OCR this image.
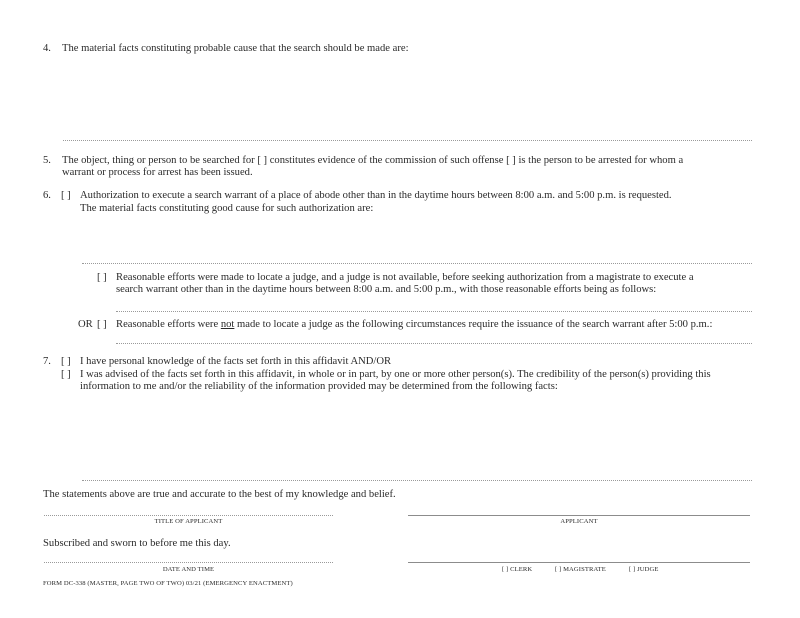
4. The material facts constituting probable cause that the search should be made are:
5. The object, thing or person to be searched for [ ] constitutes evidence of the commission of such offense [ ] is the person to be arrested for whom a
warrant or process for arrest has been issued.
6. [ ] Authorization to execute a search warrant of a place of abode other than in the daytime hours between 8:00 a.m. and 5:00 p.m. is requested.
The material facts constituting good cause for such authorization are:
[ ] Reasonable efforts were made to locate a judge, and a judge is not available, before seeking authorization from a magistrate to execute a
search warrant other than in the daytime hours between 8:00 a.m. and 5:00 p.m., with those reasonable efforts being as follows:
OR [ ] Reasonable efforts were not made to locate a judge as the following circumstances require the issuance of the search warrant after 5:00 p.m.:
7. [ ] I have personal knowledge of the facts set forth in this affidavit AND/OR
[ ] I was advised of the facts set forth in this affidavit, in whole or in part, by one or more other person(s). The credibility of the person(s) providing this
information to me and/or the reliability of the information provided may be determined from the following facts:
The statements above are true and accurate to the best of my knowledge and belief.
TITLE OF APPLICANT	APPLICANT
Subscribed and sworn to before me this day.
DATE AND TIME	[ ] CLERK	[ ] MAGISTRATE	[ ] JUDGE
FORM DC-338 (MASTER, PAGE TWO OF TWO) 03/21 (EMERGENCY ENACTMENT)
